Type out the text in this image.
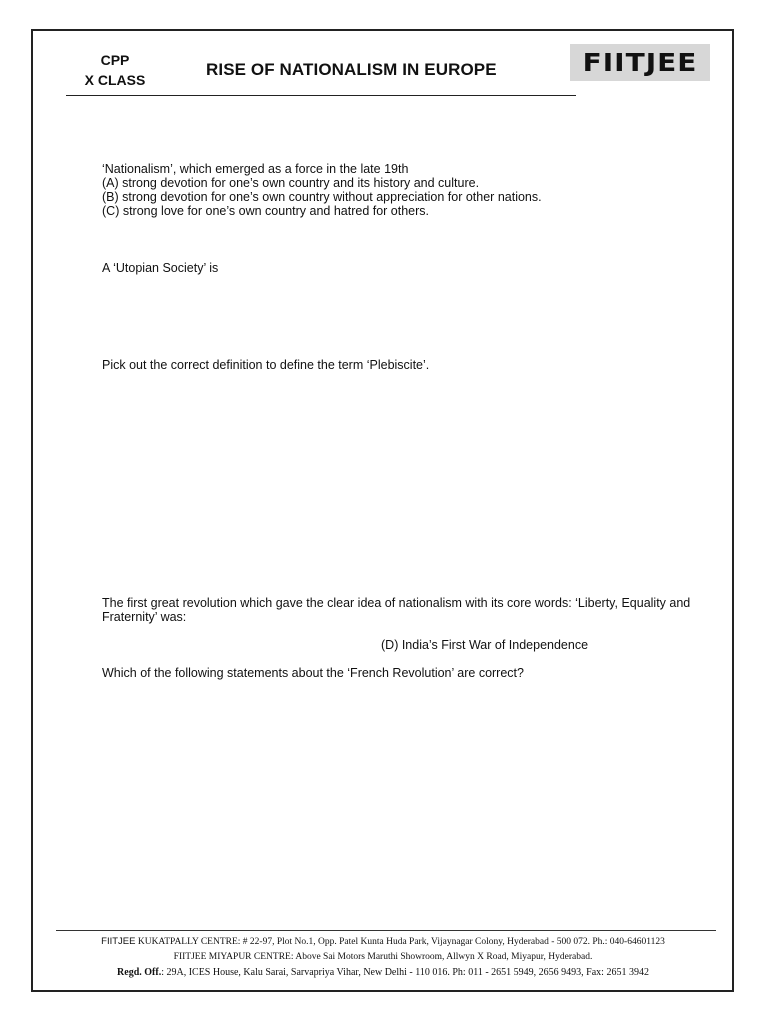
CPP
X CLASS
RISE OF NATIONALISM IN EUROPE	FIITJEE
‘Nationalism’, which emerged as a force in the late 19th
(A) strong devotion for one’s own country and its history and culture.
(B) strong devotion for one’s own country without appreciation for other nations.
(C) strong love for one’s own country and hatred for others.
A ‘Utopian Society’ is
Pick out the correct definition to define the term ‘Plebiscite’.
The first great revolution which gave the clear idea of nationalism with its core words: ‘Liberty, Equality and Fraternity’ was:
(D) India’s First War of Independence
Which of the following statements about the ‘French Revolution’ are correct?
FIITJEE KUKATPALLY CENTRE: # 22-97, Plot No.1, Opp. Patel Kunta Huda Park, Vijaynagar Colony, Hyderabad - 500 072. Ph.: 040-64601123
FIITJEE MIYAPUR CENTRE: Above Sai Motors Maruthi Showroom, Allwyn X Road, Miyapur, Hyderabad.
Regd. Off.: 29A, ICES House, Kalu Sarai, Sarvapriya Vihar, New Delhi - 110 016. Ph: 011 - 2651 5949, 2656 9493, Fax: 2651 3942
